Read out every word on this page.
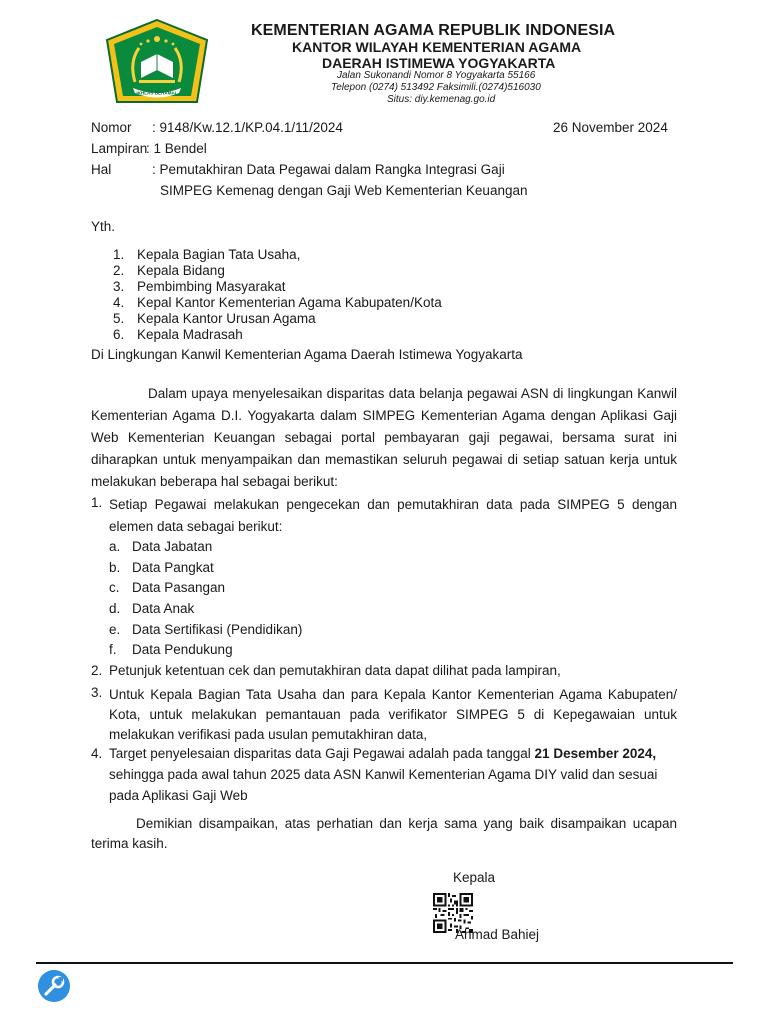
IKHLAS BERAMAL
KEMENTERIAN AGAMA REPUBLIK INDONESIA
KANTOR WILAYAH KEMENTERIAN AGAMA
DAERAH ISTIMEWA YOGYAKARTA
Jalan Sukonandi Nomor 8 Yogyakarta 55166
Telepon (0274) 513492 Faksimili.(0274)516030
Situs: diy.kemenag.go.id
Nomor : 9148/Kw.12.1/KP.04.1/11/2024	26 November 2024
Lampiran
: 1 Bendel
Hal	: Pemutakhiran Data Pegawai dalam Rangka Integrasi Gaji
SIMPEG Kemenag dengan Gaji Web Kementerian Keuangan
Yth.
1. Kepala Bagian Tata Usaha,
2. Kepala Bidang
3. Pembimbing Masyarakat
4. Kepal Kantor Kementerian Agama Kabupaten/Kota
5. Kepala Kantor Urusan Agama
6. Kepala Madrasah
Di Lingkungan Kanwil Kementerian Agama Daerah Istimewa Yogyakarta
Dalam upaya menyelesaikan disparitas data belanja pegawai ASN di lingkungan Kanwil
Kementerian Agama D.I. Yogyakarta dalam SIMPEG Kementerian Agama dengan Aplikasi Gaji
Web Kementerian Keuangan sebagai portal pembayaran gaji pegawai, bersama surat ini
diharapkan untuk menyampaikan dan memastikan seluruh pegawai di setiap satuan kerja untuk
melakukan beberapa hal sebagai berikut:
1. Setiap Pegawai melakukan pengecekan dan pemutakhiran data pada SIMPEG 5 dengan
elemen data sebagai berikut:
a. Data Jabatan
b. Data Pangkat
c. Data Pasangan
d. Data Anak
e. Data Sertifikasi (Pendidikan)
f. Data Pendukung
2. Petunjuk ketentuan cek dan pemutakhiran data dapat dilihat pada lampiran,
3. Untuk Kepala Bagian Tata Usaha dan para Kepala Kantor Kementerian Agama Kabupaten/
Kota, untuk melakukan pemantauan pada verifikator SIMPEG 5 di Kepegawaian untuk
melakukan verifikasi pada usulan pemutakhiran data,
4. Target penyelesaian disparitas data Gaji Pegawai adalah pada tanggal 21 Desember 2024,
sehingga pada awal tahun 2025 data ASN Kanwil Kementerian Agama DIY valid dan sesuai
pada Aplikasi Gaji Web
Demikian disampaikan, atas perhatian dan kerja sama yang baik disampaikan ucapan
terima kasih.
Kepala
Ahmad Bahiej
